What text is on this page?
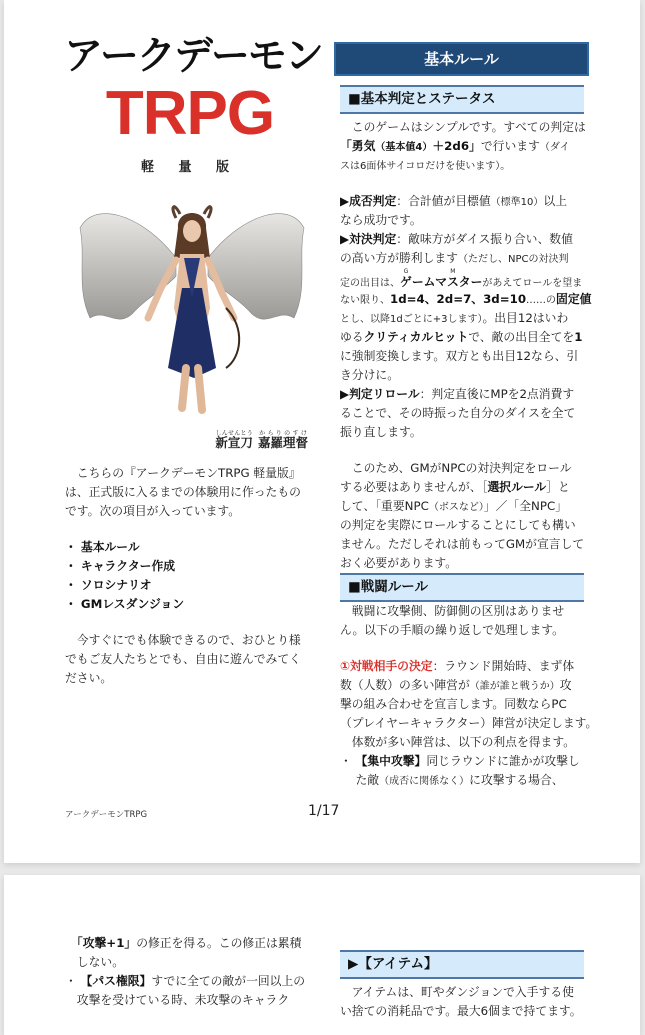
アークデーモン
TRPG
軽 量 版
新宣刀しんせんとう 嘉羅理督からりのすけ
　こちらの『アークデーモンTRPG 軽量版』
は、正式版に入るまでの体験用に作ったもの
です。次の項目が入っています。
・ 基本ルール
・ キャラクター作成
・ ソロシナリオ
・ GMレスダンジョン
　今すぐにでも体験できるので、おひとり様
でもご友人たちとでも、自由に遊んでみてく
ださい。
基本ルール
■基本判定とステータス
　このゲームはシンプルです。すべての判定は
「勇気（基本値4）＋2d6」で行います（ダイ
スは6面体サイコロだけを使います）。
▶成否判定：合計値が目標値（標準10）以上
なら成功です。
▶対決判定：敵味方がダイス振り合い、数値
の高い方が勝利します（ただし、NPCの対決判
定の出目は、ゲGームマスMターがあえてロールを望ま
ない限り、1d=4、2d=7、3d=10……の固定値
とし、以降1dごとに+3します）。出目12はいわ
ゆるクリティカルヒットで、敵の出目全てを1
に強制変換します。双方とも出目12なら、引
き分けに。
▶判定リロール：判定直後にMPを2点消費す
ることで、その時振った自分のダイスを全て
振り直します。
　このため、GMがNPCの対決判定をロール
する必要はありませんが、［選択ルール］と
して、「重要NPC（ボスなど）」／「全NPC」
の判定を実際にロールすることにしても構い
ません。ただしそれは前もってGMが宣言して
おく必要があります。
■戦闘ルール
　戦闘に攻撃側、防御側の区別はありませ
ん。以下の手順の繰り返しで処理します。
①対戦相手の決定：ラウンド開始時、まず体
数（人数）の多い陣営が（誰が誰と戦うか）攻
撃の組み合わせを宣言します。同数ならPC
（プレイヤーキャラクター）陣営が決定します。
　体数が多い陣営は、以下の利点を得ます。
・ 【集中攻撃】同じラウンドに誰かが攻撃し
　 た敵（成否に関係なく）に攻撃する場合、
アークデーモンTRPG	1/17
　「攻撃+1」の修正を得る。この修正は累積
　しない。
・ 【パス権限】すでに全ての敵が一回以上の
　攻撃を受けている時、未攻撃のキャラク
▶【アイテム】
　アイテムは、町やダンジョンで入手する使
い捨ての消耗品です。最大6個まで持てます。
